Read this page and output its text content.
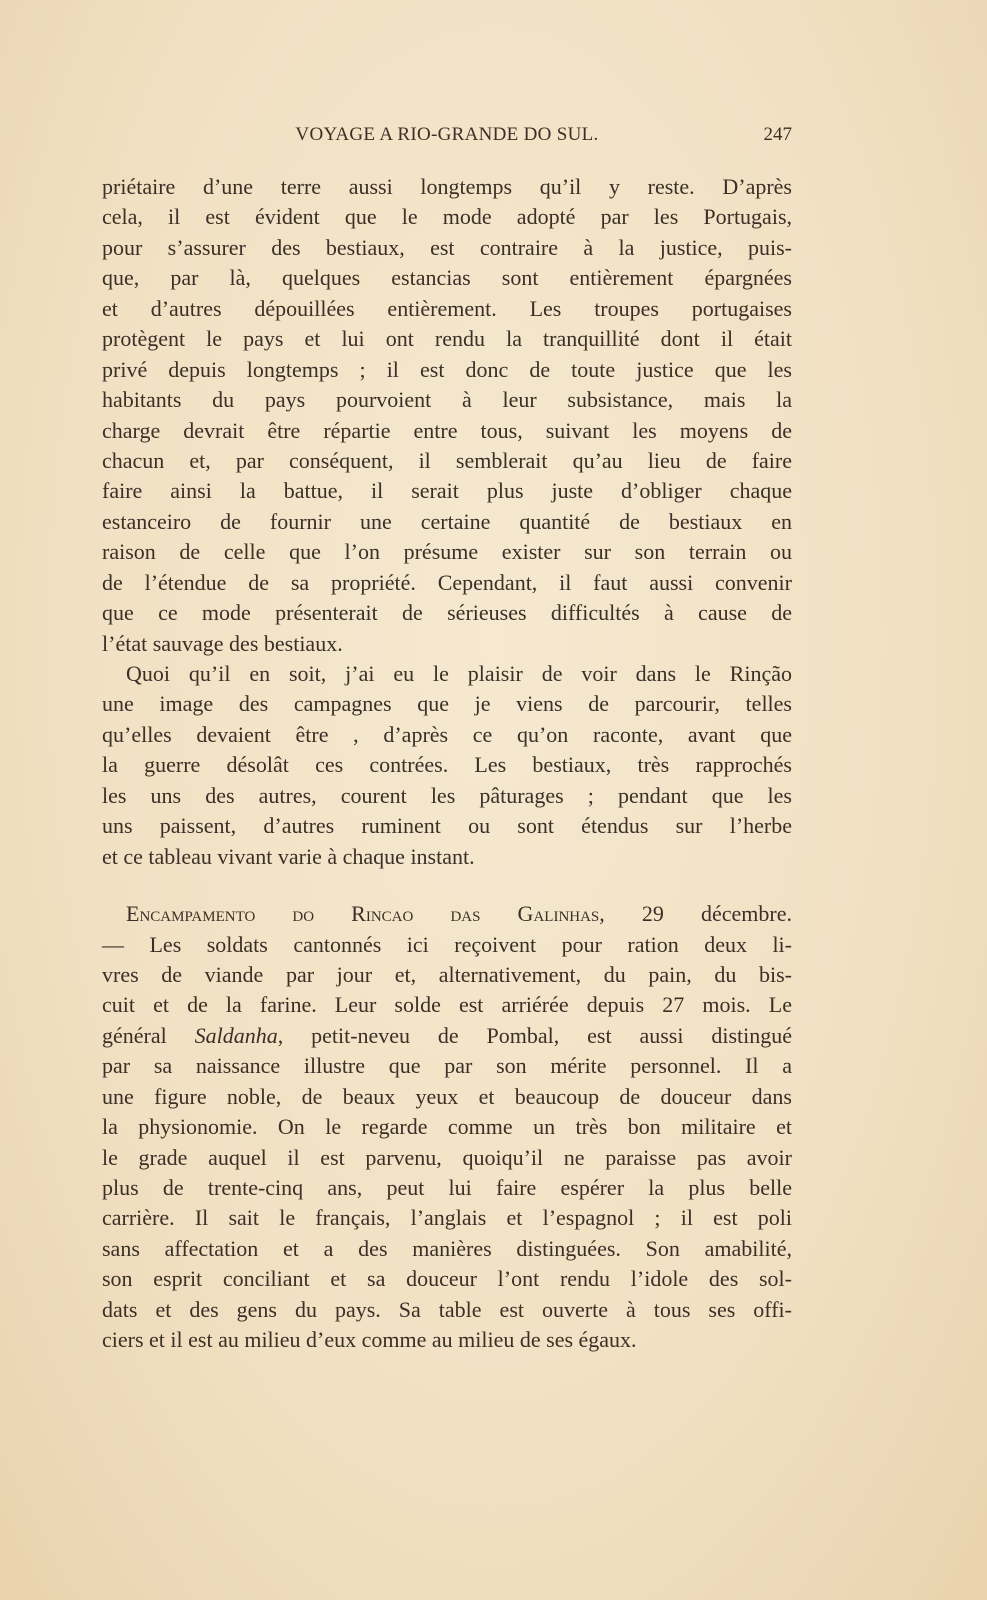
VOYAGE A RIO-GRANDE DO SUL.	247
priétaire d’une terre aussi longtemps qu’il y reste. D’après
cela, il est évident que le mode adopté par les Portugais,
pour s’assurer des bestiaux, est contraire à la justice, puis-
que, par là, quelques estancias sont entièrement épargnées
et d’autres dépouillées entièrement. Les troupes portugaises
protègent le pays et lui ont rendu la tranquillité dont il était
privé depuis longtemps ; il est donc de toute justice que les
habitants du pays pourvoient à leur subsistance, mais la
charge devrait être répartie entre tous, suivant les moyens de
chacun et, par conséquent, il semblerait qu’au lieu de faire
faire ainsi la battue, il serait plus juste d’obliger chaque
estanceiro de fournir une certaine quantité de bestiaux en
raison de celle que l’on présume exister sur son terrain ou
de l’étendue de sa propriété. Cependant, il faut aussi convenir
que ce mode présenterait de sérieuses difficultés à cause de
l’état sauvage des bestiaux.
Quoi qu’il en soit, j’ai eu le plaisir de voir dans le Rinção
une image des campagnes que je viens de parcourir, telles
qu’elles devaient être , d’après ce qu’on raconte, avant que
la guerre désolât ces contrées. Les bestiaux, très rapprochés
les uns des autres, courent les pâturages ; pendant que les
uns paissent, d’autres ruminent ou sont étendus sur l’herbe
et ce tableau vivant varie à chaque instant.
Encampamento do Rincao das Galinhas, 29 décembre.
— Les soldats cantonnés ici reçoivent pour ration deux li-
vres de viande par jour et, alternativement, du pain, du bis-
cuit et de la farine. Leur solde est arriérée depuis 27 mois. Le
général Saldanha, petit-neveu de Pombal, est aussi distingué
par sa naissance illustre que par son mérite personnel. Il a
une figure noble, de beaux yeux et beaucoup de douceur dans
la physionomie. On le regarde comme un très bon militaire et
le grade auquel il est parvenu, quoiqu’il ne paraisse pas avoir
plus de trente-cinq ans, peut lui faire espérer la plus belle
carrière. Il sait le français, l’anglais et l’espagnol ; il est poli
sans affectation et a des manières distinguées. Son amabilité,
son esprit conciliant et sa douceur l’ont rendu l’idole des sol-
dats et des gens du pays. Sa table est ouverte à tous ses offi-
ciers et il est au milieu d’eux comme au milieu de ses égaux.
